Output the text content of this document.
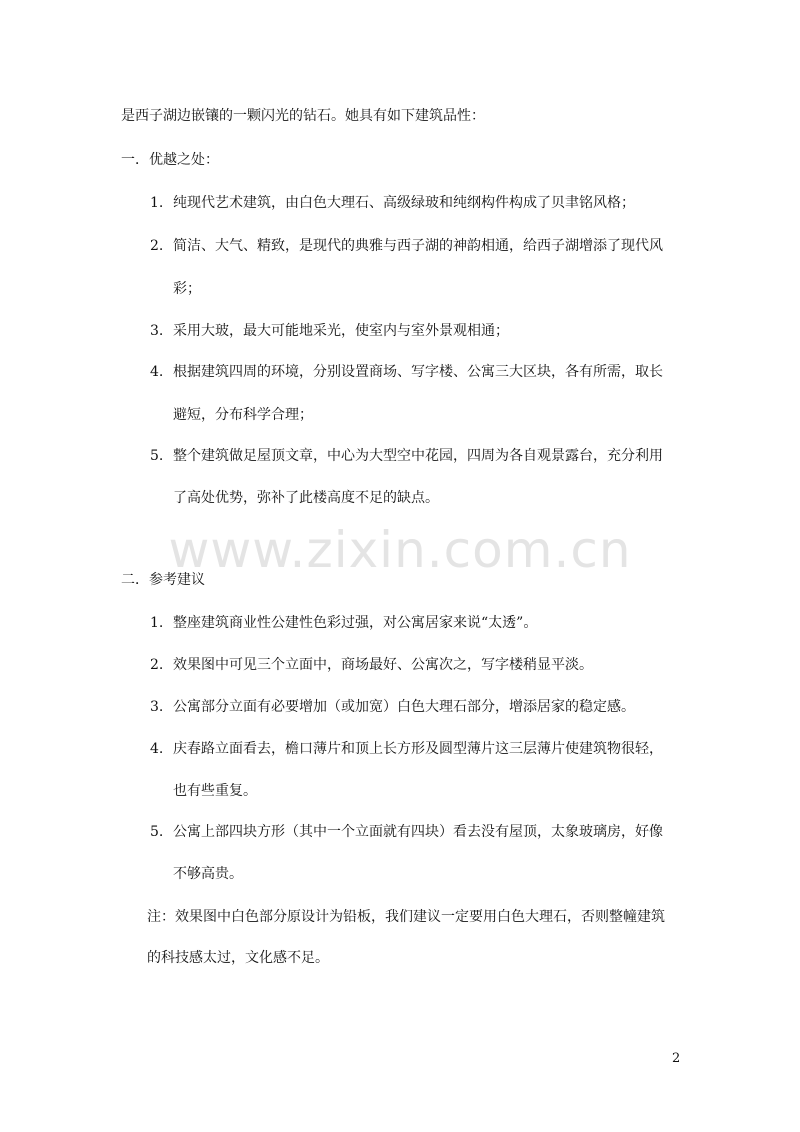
www.zixin.com.cn
是西子湖边嵌镶的一颗闪光的钻石。她具有如下建筑品性：
一．优越之处：
1. 纯现代艺术建筑，由白色大理石、高级绿玻和纯纲构件构成了贝聿铭风格；
2. 简洁、大气、精致，是现代的典雅与西子湖的神韵相通，给西子湖增添了现代风
彩；
3. 采用大玻，最大可能地采光，使室内与室外景观相通；
4. 根据建筑四周的环境，分别设置商场、写字楼、公寓三大区块，各有所需，取长
避短，分布科学合理；
5. 整个建筑做足屋顶文章，中心为大型空中花园，四周为各自观景露台，充分利用
了高处优势，弥补了此楼高度不足的缺点。
二．参考建议
1. 整座建筑商业性公建性色彩过强，对公寓居家来说“太透”。
2. 效果图中可见三个立面中，商场最好、公寓次之，写字楼稍显平淡。
3. 公寓部分立面有必要增加（或加宽）白色大理石部分，增添居家的稳定感。
4. 庆春路立面看去，檐口薄片和顶上长方形及圆型薄片这三层薄片使建筑物很轻，
也有些重复。
5. 公寓上部四块方形（其中一个立面就有四块）看去没有屋顶，太象玻璃房，好像
不够高贵。
注：效果图中白色部分原设计为铅板，我们建议一定要用白色大理石，否则整幢建筑
的科技感太过，文化感不足。
2
